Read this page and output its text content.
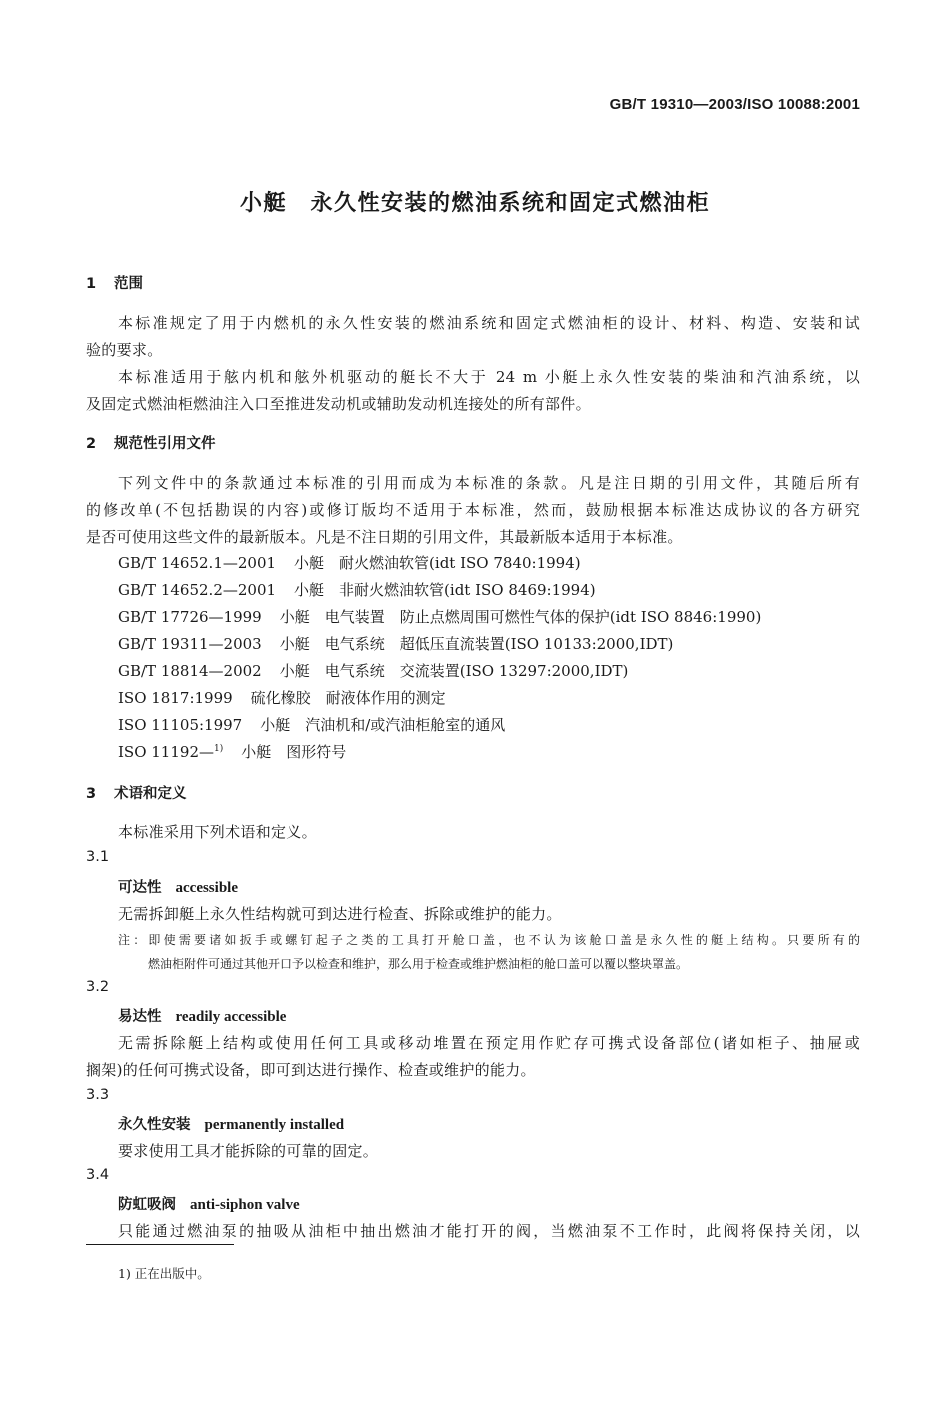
GB/T 19310—2003/ISO 10088:2001
小艇　永久性安装的燃油系统和固定式燃油柜
1 范围
本标准规定了用于内燃机的永久性安装的燃油系统和固定式燃油柜的设计、材料、构造、安装和试
验的要求。
本标准适用于舷内机和舷外机驱动的艇长不大于 24 m 小艇上永久性安装的柴油和汽油系统，以
及固定式燃油柜燃油注入口至推进发动机或辅助发动机连接处的所有部件。
2 规范性引用文件
下列文件中的条款通过本标准的引用而成为本标准的条款。凡是注日期的引用文件，其随后所有
的修改单(不包括勘误的内容)或修订版均不适用于本标准，然而，鼓励根据本标准达成协议的各方研究
是否可使用这些文件的最新版本。凡是不注日期的引用文件，其最新版本适用于本标准。
GB/T 14652.1—2001 小艇　耐火燃油软管(idt ISO 7840:1994)
GB/T 14652.2—2001 小艇　非耐火燃油软管(idt ISO 8469:1994)
GB/T 17726—1999 小艇　电气装置　防止点燃周围可燃性气体的保护(idt ISO 8846:1990)
GB/T 19311—2003 小艇　电气系统　超低压直流装置(ISO 10133:2000,IDT)
GB/T 18814—2002 小艇　电气系统　交流装置(ISO 13297:2000,IDT)
ISO 1817:1999 硫化橡胶　耐液体作用的测定
ISO 11105:1997 小艇　汽油机和/或汽油柜舱室的通风
ISO 11192—$^{1)}$ 小艇　图形符号
3 术语和定义
本标准采用下列术语和定义。
3.1
可达性 accessible
无需拆卸艇上永久性结构就可到达进行检查、拆除或维护的能力。
注：即使需要诸如扳手或螺钉起子之类的工具打开舱口盖，也不认为该舱口盖是永久性的艇上结构。只要所有的
燃油柜附件可通过其他开口予以检查和维护，那么用于检查或维护燃油柜的舱口盖可以覆以整块罩盖。
3.2
易达性 readily accessible
无需拆除艇上结构或使用任何工具或移动堆置在预定用作贮存可携式设备部位(诸如柜子、抽屉或
搁架)的任何可携式设备，即可到达进行操作、检查或维护的能力。
3.3
永久性安装 permanently installed
要求使用工具才能拆除的可靠的固定。
3.4
防虹吸阀 anti-siphon valve
只能通过燃油泵的抽吸从油柜中抽出燃油才能打开的阀，当燃油泵不工作时，此阀将保持关闭，以
1) 正在出版中。
